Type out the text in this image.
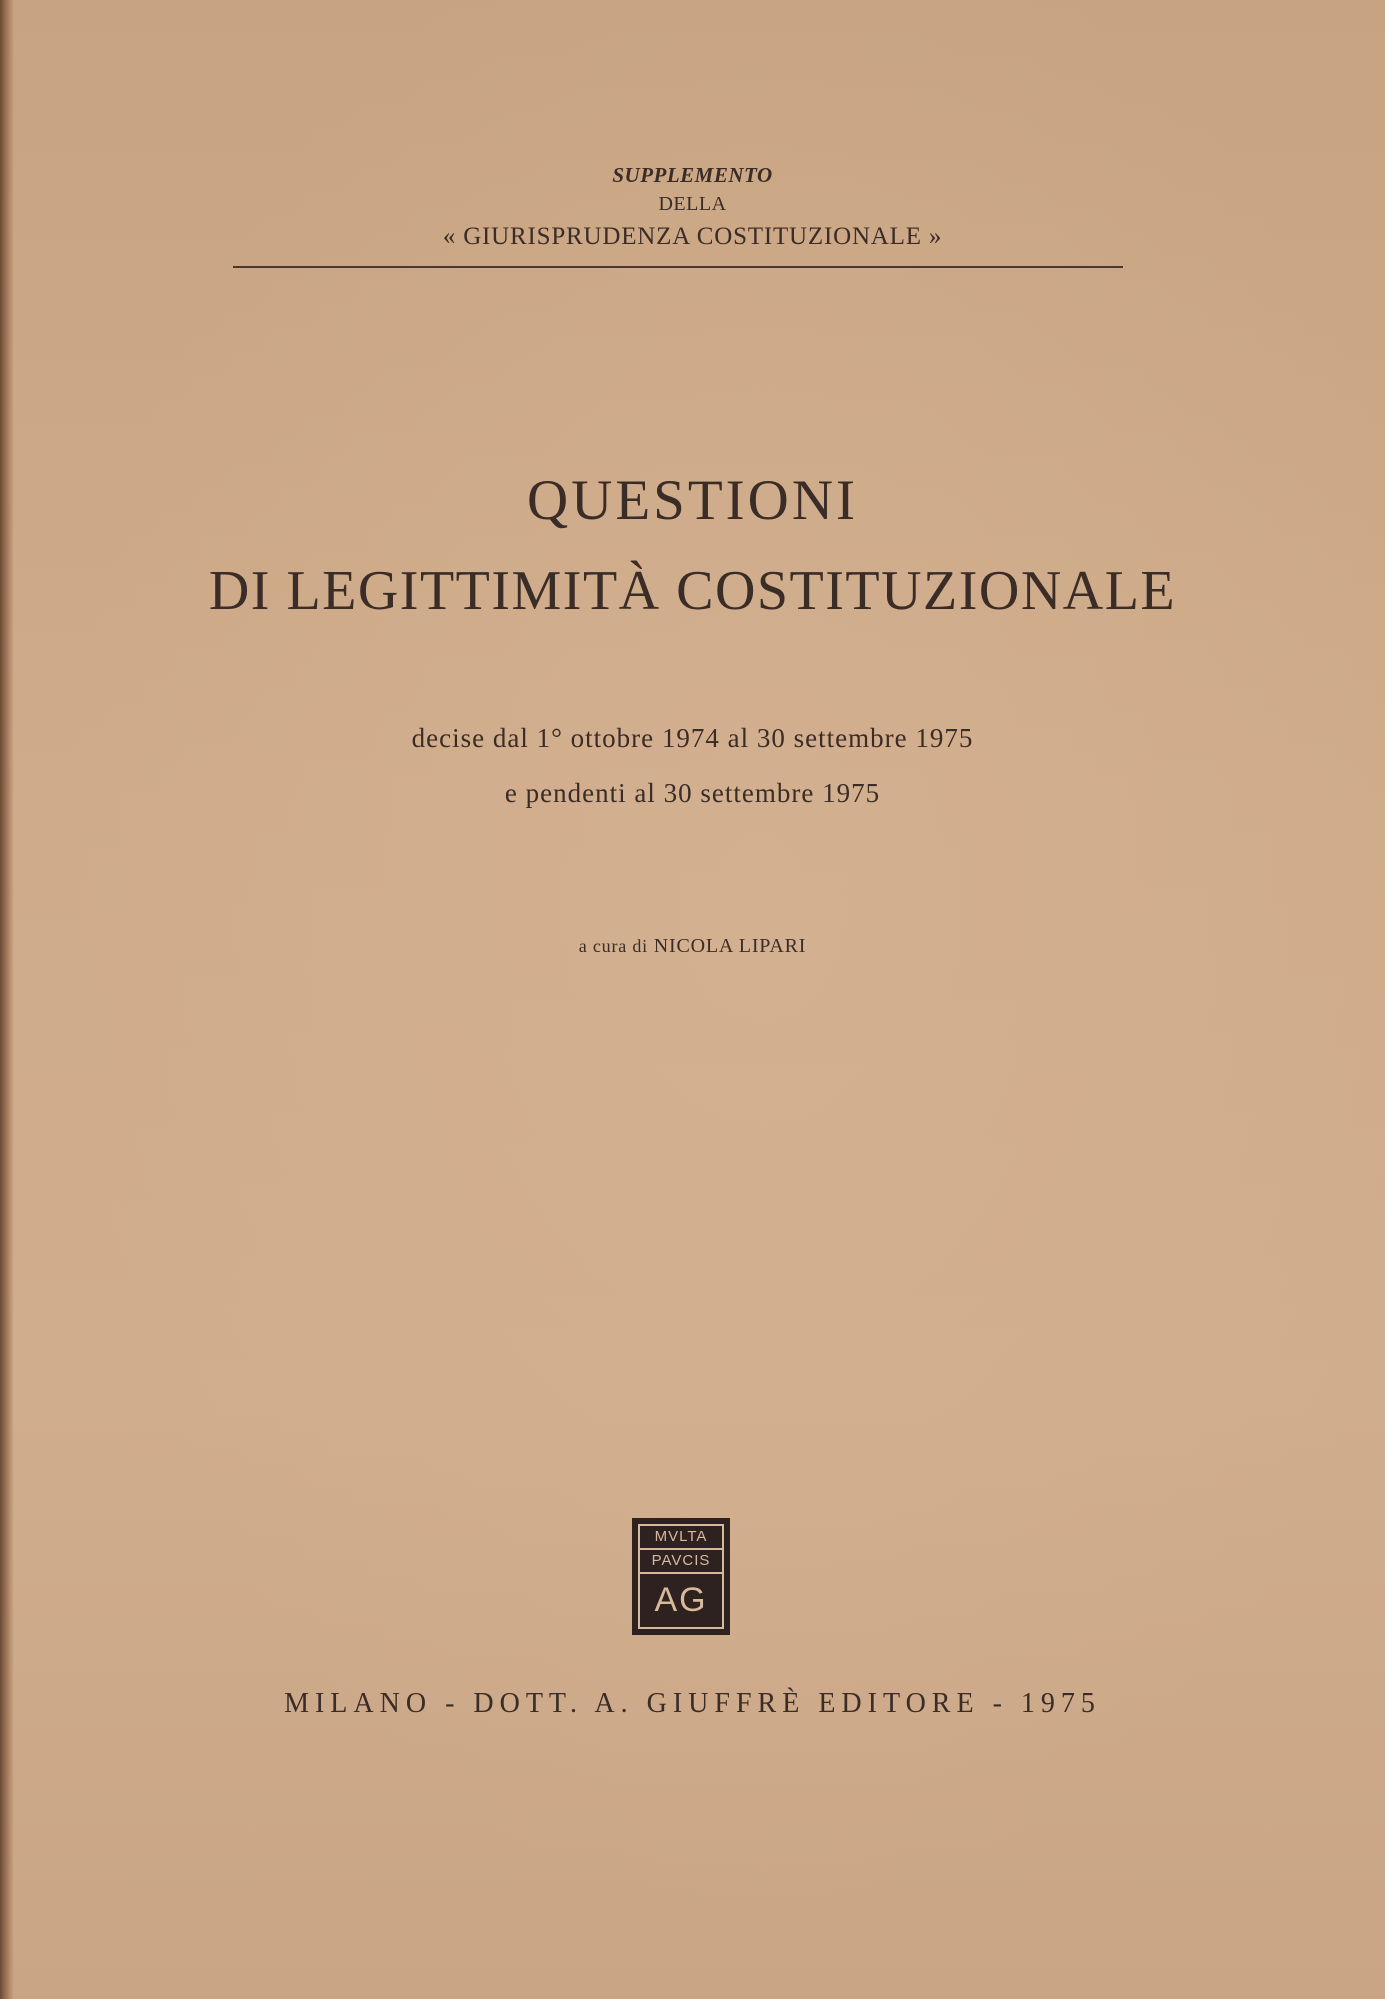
SUPPLEMENTO
DELLA
« GIURISPRUDENZA COSTITUZIONALE »
QUESTIONI
DI LEGITTIMITÀ COSTITUZIONALE
decise dal 1° ottobre 1974 al 30 settembre 1975
e pendenti al 30 settembre 1975
a cura di NICOLA LIPARI
MVLTA
PAVCIS
AG
MILANO - DOTT. A. GIUFFRÈ EDITORE - 1975
